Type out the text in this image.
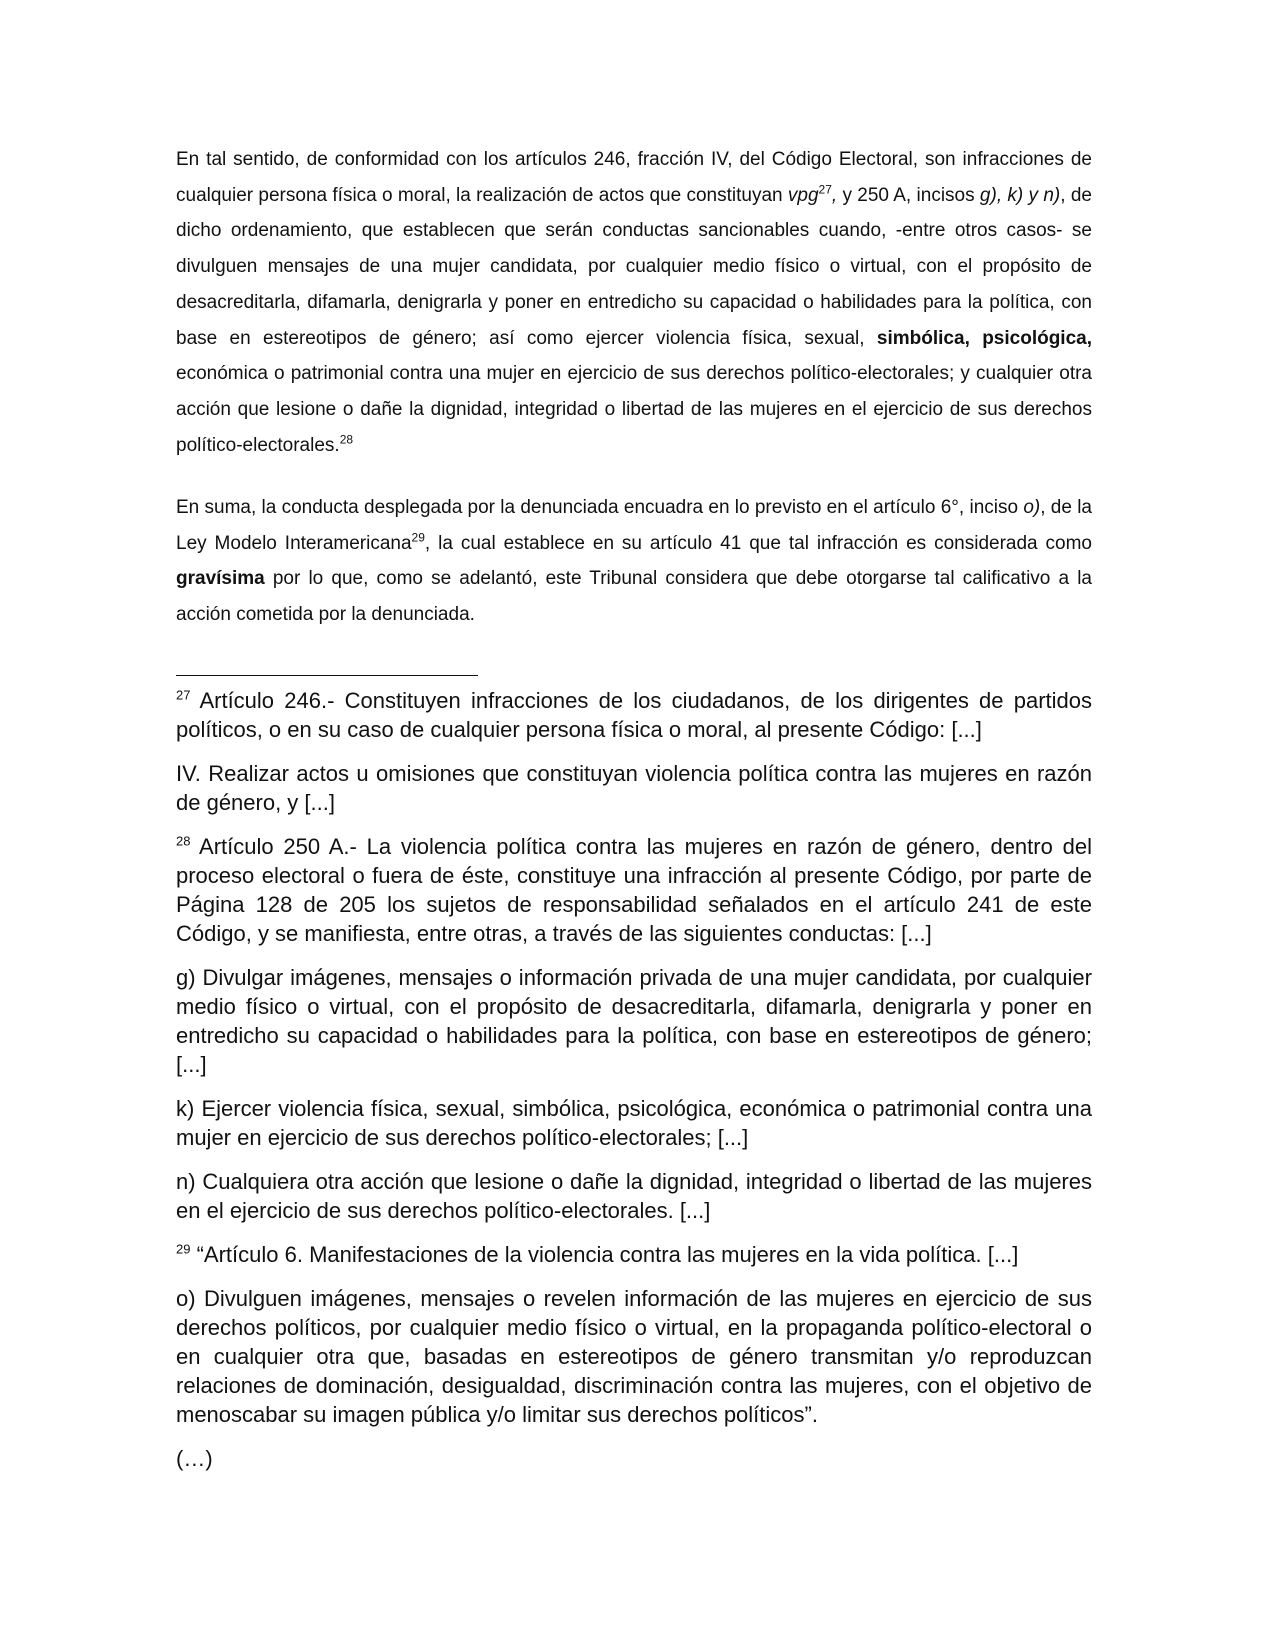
En tal sentido, de conformidad con los artículos 246, fracción IV, del Código Electoral, son infracciones de cualquier persona física o moral, la realización de actos que constituyan vpg$^{27}$, y 250 A, incisos g), k) y n), de dicho ordenamiento, que establecen que serán conductas sancionables cuando, -entre otros casos- se divulguen mensajes de una mujer candidata, por cualquier medio físico o virtual, con el propósito de desacreditarla, difamarla, denigrarla y poner en entredicho su capacidad o habilidades para la política, con base en estereotipos de género; así como ejercer violencia física, sexual, simbólica, psicológica, económica o patrimonial contra una mujer en ejercicio de sus derechos político-electorales; y cualquier otra acción que lesione o dañe la dignidad, integridad o libertad de las mujeres en el ejercicio de sus derechos político-electorales.$^{28}$

En suma, la conducta desplegada por la denunciada encuadra en lo previsto en el artículo 6°, inciso o), de la Ley Modelo Interamericana$^{29}$, la cual establece en su artículo 41 que tal infracción es considerada como gravísima por lo que, como se adelantó, este Tribunal considera que debe otorgarse tal calificativo a la acción cometida por la denunciada.

$^{27}$ Artículo 246.- Constituyen infracciones de los ciudadanos, de los dirigentes de partidos políticos, o en su caso de cualquier persona física o moral, al presente Código: [...]

IV. Realizar actos u omisiones que constituyan violencia política contra las mujeres en razón de género, y [...]

$^{28}$ Artículo 250 A.- La violencia política contra las mujeres en razón de género, dentro del proceso electoral o fuera de éste, constituye una infracción al presente Código, por parte de Página 128 de 205 los sujetos de responsabilidad señalados en el artículo 241 de este Código, y se manifiesta, entre otras, a través de las siguientes conductas: [...]

g) Divulgar imágenes, mensajes o información privada de una mujer candidata, por cualquier medio físico o virtual, con el propósito de desacreditarla, difamarla, denigrarla y poner en entredicho su capacidad o habilidades para la política, con base en estereotipos de género; [...]

k) Ejercer violencia física, sexual, simbólica, psicológica, económica o patrimonial contra una mujer en ejercicio de sus derechos político-electorales; [...]

n) Cualquiera otra acción que lesione o dañe la dignidad, integridad o libertad de las mujeres en el ejercicio de sus derechos político-electorales. [...]

$^{29}$ “Artículo 6. Manifestaciones de la violencia contra las mujeres en la vida política. [...]

o) Divulguen imágenes, mensajes o revelen información de las mujeres en ejercicio de sus derechos políticos, por cualquier medio físico o virtual, en la propaganda político-electoral o en cualquier otra que, basadas en estereotipos de género transmitan y/o reproduzcan relaciones de dominación, desigualdad, discriminación contra las mujeres, con el objetivo de menoscabar su imagen pública y/o limitar sus derechos políticos”.

(…)
